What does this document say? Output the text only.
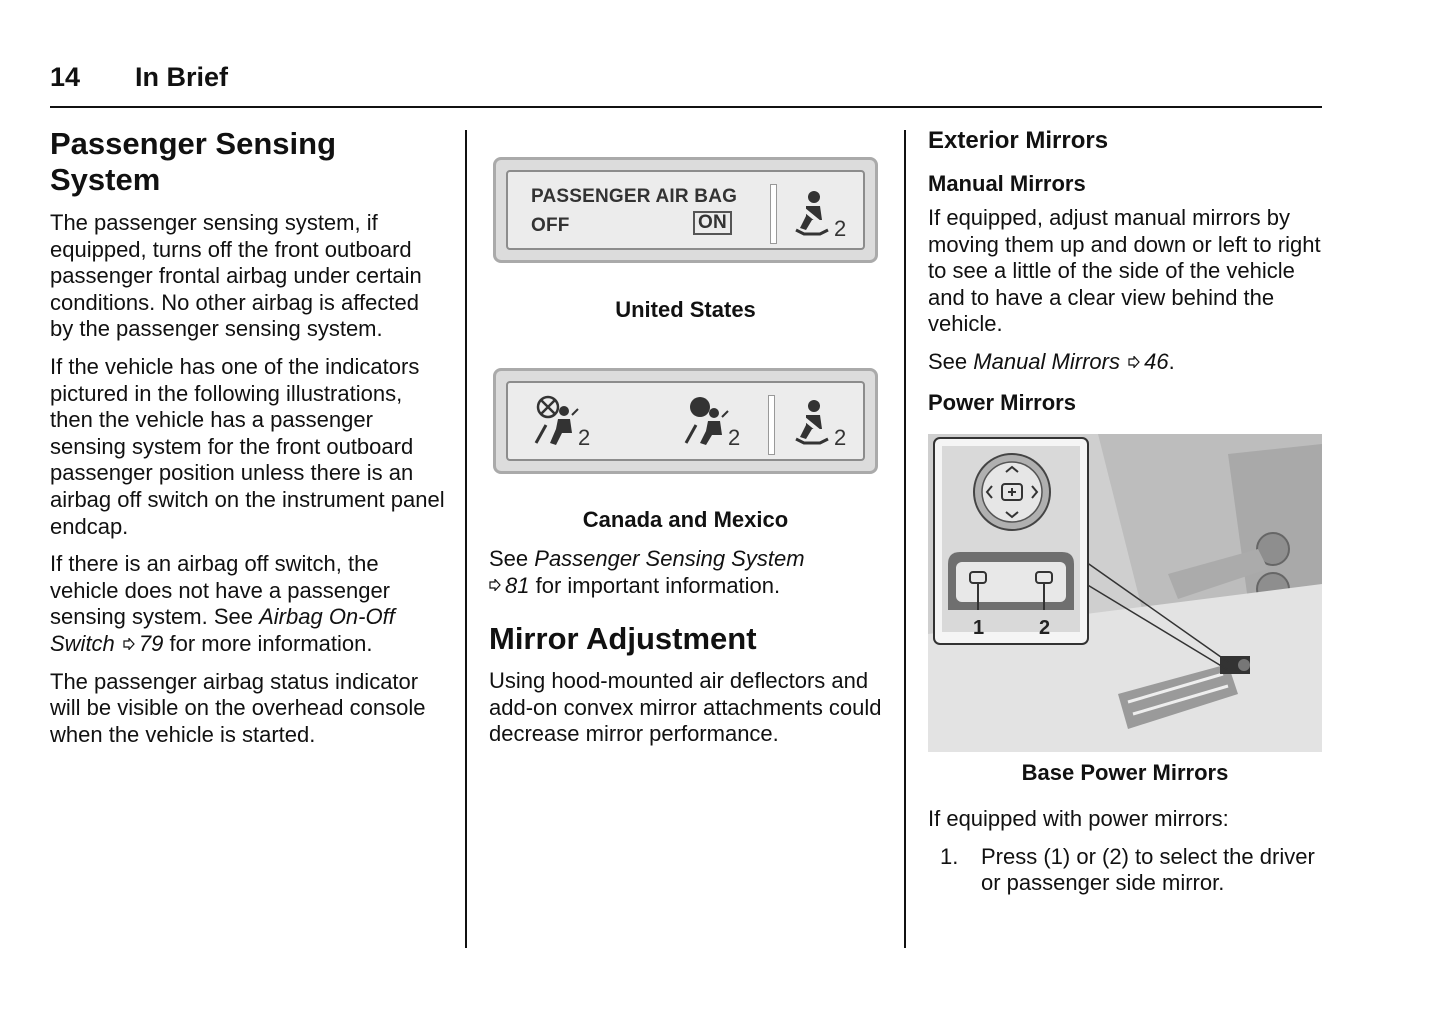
14 In Brief
Passenger Sensing System

The passenger sensing system, if equipped, turns off the front outboard passenger frontal airbag under certain conditions. No other airbag is affected by the passenger sensing system.

If the vehicle has one of the indicators pictured in the following illustrations, then the vehicle has a passenger sensing system for the front outboard passenger position unless there is an airbag off switch on the instrument panel endcap.

If there is an airbag off switch, the vehicle does not have a passenger sensing system. See Airbag On-Off Switch 79 for more information.

The passenger airbag status indicator will be visible on the overhead console when the vehicle is started.

PASSENGER AIR BAG
OFF	ON	2
United States
2	2	2
Canada and Mexico

See Passenger Sensing System
81 for important information.

Mirror Adjustment

Using hood-mounted air deflectors and add-on convex mirror attachments could decrease mirror performance.

Exterior Mirrors
Manual Mirrors

If equipped, adjust manual mirrors by moving them up and down or left to right to see a little of the side of the vehicle and to have a clear view behind the vehicle.

See Manual Mirrors 46.

Power Mirrors
1	2
Base Power Mirrors

If equipped with power mirrors:

1.	Press (1) or (2) to select the driver or passenger side mirror.
